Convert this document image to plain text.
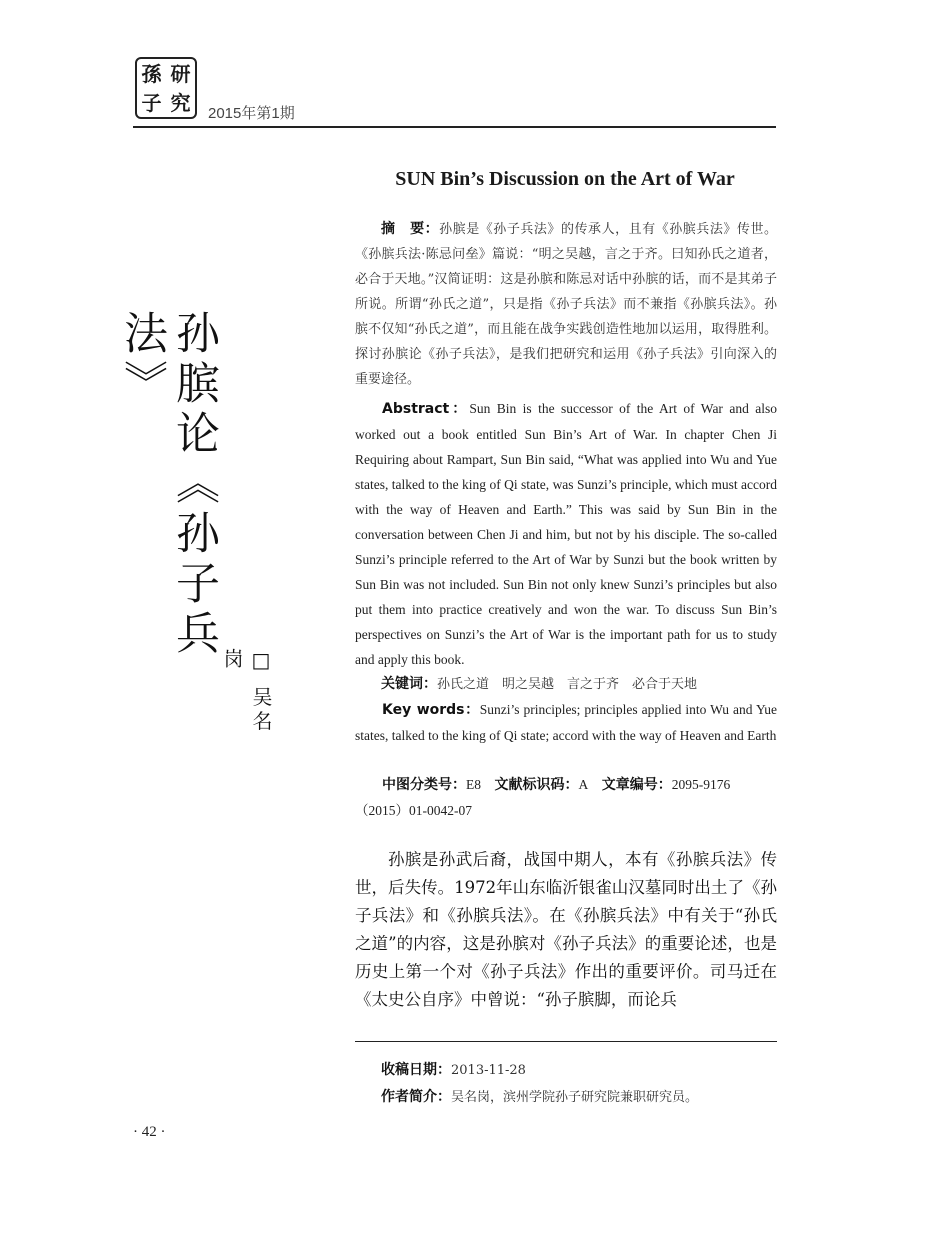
孫 研
子 究 2015年第1期
孙膑论《孙子兵法》
□ 吴名岗
SUN Bin’s Discussion on the Art of War
摘　要：孙膑是《孙子兵法》的传承人，且有《孙膑兵法》传世。《孙膑兵法·陈忌问垒》篇说：“明之吴越，言之于齐。曰知孙氏之道者，必合于天地。”汉简证明：这是孙膑和陈忌对话中孙膑的话，而不是其弟子所说。所谓“孙氏之道”，只是指《孙子兵法》而不兼指《孙膑兵法》。孙膑不仅知“孙氏之道”，而且能在战争实践创造性地加以运用，取得胜利。探讨孙膑论《孙子兵法》，是我们把研究和运用《孙子兵法》引向深入的重要途径。
Abstract：Sun Bin is the successor of the Art of War and also worked out a book entitled Sun Bin’s Art of War. In chapter Chen Ji Requiring about Rampart, Sun Bin said, “What was applied into Wu and Yue states, talked to the king of Qi state, was Sunzi’s principle, which must accord with the way of Heaven and Earth.” This was said by Sun Bin in the conversation between Chen Ji and him, but not by his disciple. The so-called Sunzi’s principle referred to the Art of War by Sunzi but the book written by Sun Bin was not included. Sun Bin not only knew Sunzi’s principles but also put them into practice creatively and won the war. To discuss Sun Bin’s perspectives on Sunzi’s the Art of War is the important path for us to study and apply this book.
关键词：孙氏之道　明之吴越　言之于齐　必合于天地
Key words：Sunzi’s principles; principles applied into Wu and Yue states, talked to the king of Qi state; accord with the way of Heaven and Earth
中图分类号：E8  文献标识码：A  文章编号：2095-9176（2015）01-0042-07
孙膑是孙武后裔，战国中期人，本有《孙膑兵法》传世，后失传。1972年山东临沂银雀山汉墓同时出土了《孙子兵法》和《孙膑兵法》。在《孙膑兵法》中有关于“孙氏之道”的内容，这是孙膑对《孙子兵法》的重要论述，也是历史上第一个对《孙子兵法》作出的重要评价。司马迁在《太史公自序》中曾说：“孙子膑脚，而论兵
收稿日期：2013-11-28
作者简介：吴名岗，滨州学院孙子研究院兼职研究员。
· 42 ·
